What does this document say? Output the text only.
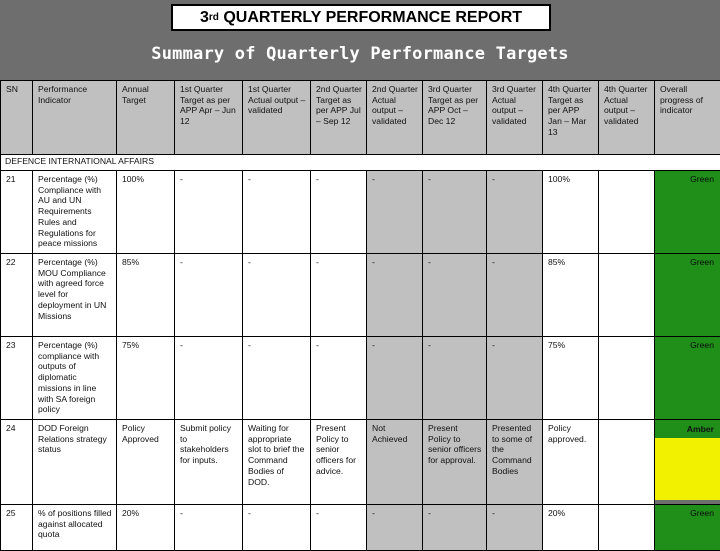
3 rd QUARTERLY PERFORMANCE REPORT
Summary of Quarterly Performance Targets
SN	Performance Indicator	Annual Target	1st Quarter Target as per APP Apr – Jun 12	1st Quarter Actual output – validated	2nd Quarter Target as per APP Jul – Sep 12	2nd Quarter Actual output – validated	3rd Quarter Target as per APP Oct – Dec 12	3rd Quarter Actual output – validated	4th Quarter Target as per APP Jan – Mar 13	4th Quarter Actual output – validated	Overall progress of indicator
DEFENCE INTERNATIONAL AFFAIRS											
21	Percentage (%) Compliance with AU and UN Requirements Rules and Regulations for peace missions	100%	-	-	-	-	-	-	100%		Green
22	Percentage (%) MOU Compliance with agreed force level for deployment in UN Missions	85%	-	-	-	-	-	-	85%		Green
23	Percentage (%) compliance with outputs of diplomatic missions in line with SA foreign policy	75%	-	-	-	-	-	-	75%		Green
24	DOD Foreign Relations strategy status	Policy Approved	Submit policy to stakeholders for inputs.	Waiting for appropriate slot to brief the Command Bodies of DOD.	Present Policy to senior officers for advice.	Not Achieved	Present Policy to senior officers for approval.	Presented to some of the Command Bodies	Policy approved.		Amber

25	% of positions filled against allocated quota	20%	-	-	-	-	-	-	20%		Green
